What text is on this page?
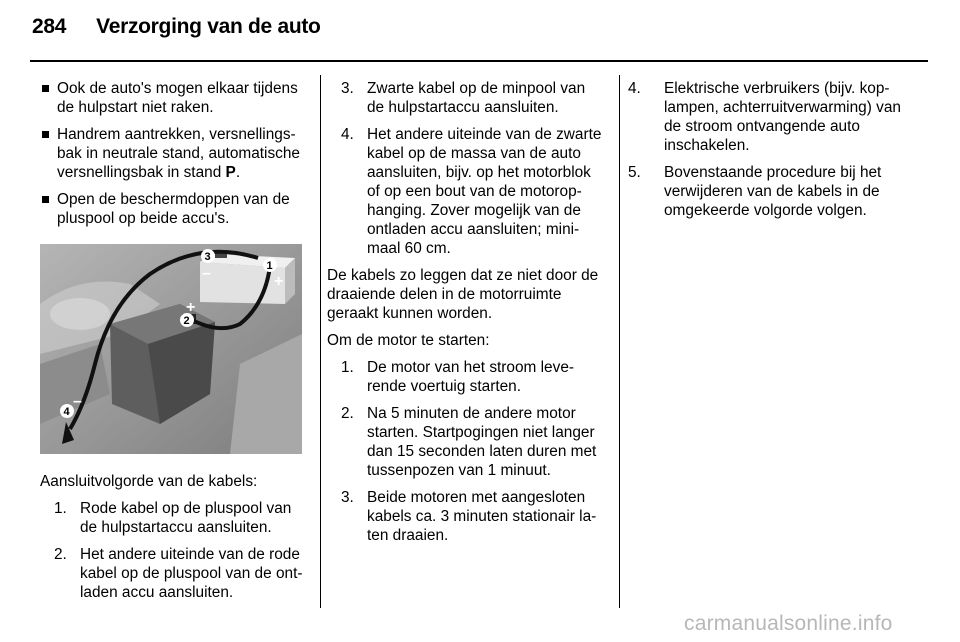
284 Verzorging van de auto
Ook de auto's mogen elkaar tijdens de hulpstart niet raken.
Handrem aantrekken, versnellings-bak in neutrale stand, automatische versnellingsbak in stand P.
Open de beschermdoppen van de pluspool op beide accu's.
3
1
2
4
–	+
+
–
Aansluitvolgorde van de kabels:
1. Rode kabel op de pluspool van de hulpstartaccu aansluiten.
2. Het andere uiteinde van de rode kabel op de pluspool van de ont-laden accu aansluiten.
3. Zwarte kabel op de minpool van de hulpstartaccu aansluiten.
4. Het andere uiteinde van de zwarte kabel op de massa van de auto aansluiten, bijv. op het motorblok of op een bout van de motorop-hanging. Zover mogelijk van de ontladen accu aansluiten; mini-maal 60 cm.
De kabels zo leggen dat ze niet door de draaiende delen in de motorruimte geraakt kunnen worden.
Om de motor te starten:
1. De motor van het stroom leve-rende voertuig starten.
2. Na 5 minuten de andere motor starten. Startpogingen niet langer dan 15 seconden laten duren met tussenpozen van 1 minuut.
3. Beide motoren met aangesloten kabels ca. 3 minuten stationair la-ten draaien.
4. Elektrische verbruikers (bijv. kop-lampen, achterruitverwarming) van de stroom ontvangende auto inschakelen.
5. Bovenstaande procedure bij het verwijderen van de kabels in de omgekeerde volgorde volgen.
carmanualsonline.info
